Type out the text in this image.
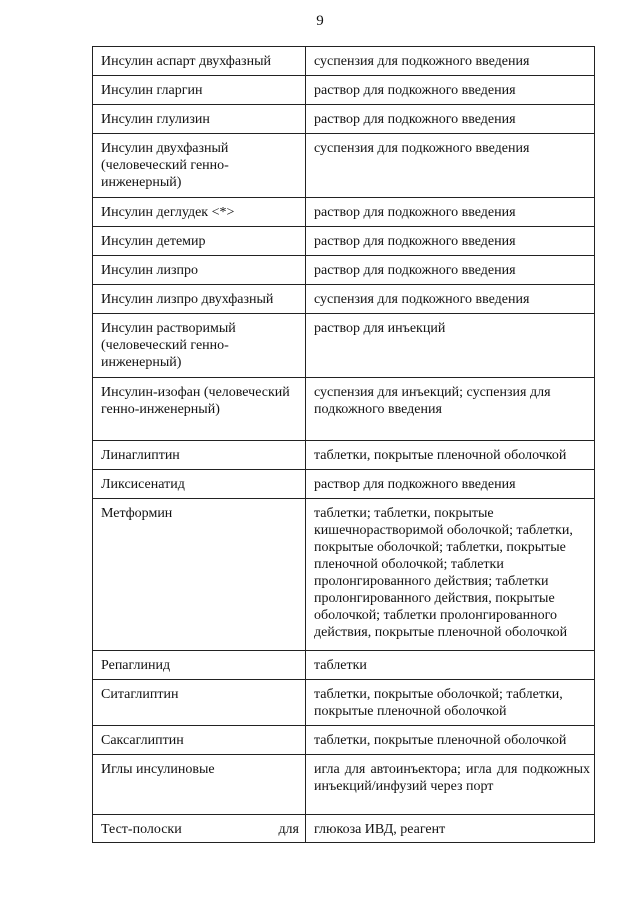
9
Инсулин аспарт двухфазный	суспензия для подкожного введения
Инсулин гларгин	раствор для подкожного введения
Инсулин глулизин	раствор для подкожного введения
Инсулин двухфазный (человеческий генно-инженерный)	суспензия для подкожного введения
Инсулин деглудек <*>	раствор для подкожного введения
Инсулин детемир	раствор для подкожного введения
Инсулин лизпро	раствор для подкожного введения
Инсулин лизпро двухфазный	суспензия для подкожного введения
Инсулин растворимый (человеческий генно-инженерный)	раствор для инъекций
Инсулин-изофан (человеческий генно-инженерный)	суспензия для инъекций; суспензия для подкожного введения
Линаглиптин	таблетки, покрытые пленочной оболочкой
Ликсисенатид	раствор для подкожного введения
Метформин	таблетки; таблетки, покрытые кишечнорастворимой оболочкой; таблетки, покрытые оболочкой; таблетки, покрытые пленочной оболочкой; таблетки пролонгированного действия; таблетки пролонгированного действия, покрытые оболочкой; таблетки пролонгированного действия, покрытые пленочной оболочкой
Репаглинид	таблетки
Ситаглиптин	таблетки, покрытые оболочкой; таблетки, покрытые пленочной оболочкой
Саксаглиптин	таблетки, покрытые пленочной оболочкой
Иглы инсулиновые	игла для автоинъектора; игла для подкожных инъекций/инфузий через порт

Тест-полоски для	глюкоза ИВД, реагент
